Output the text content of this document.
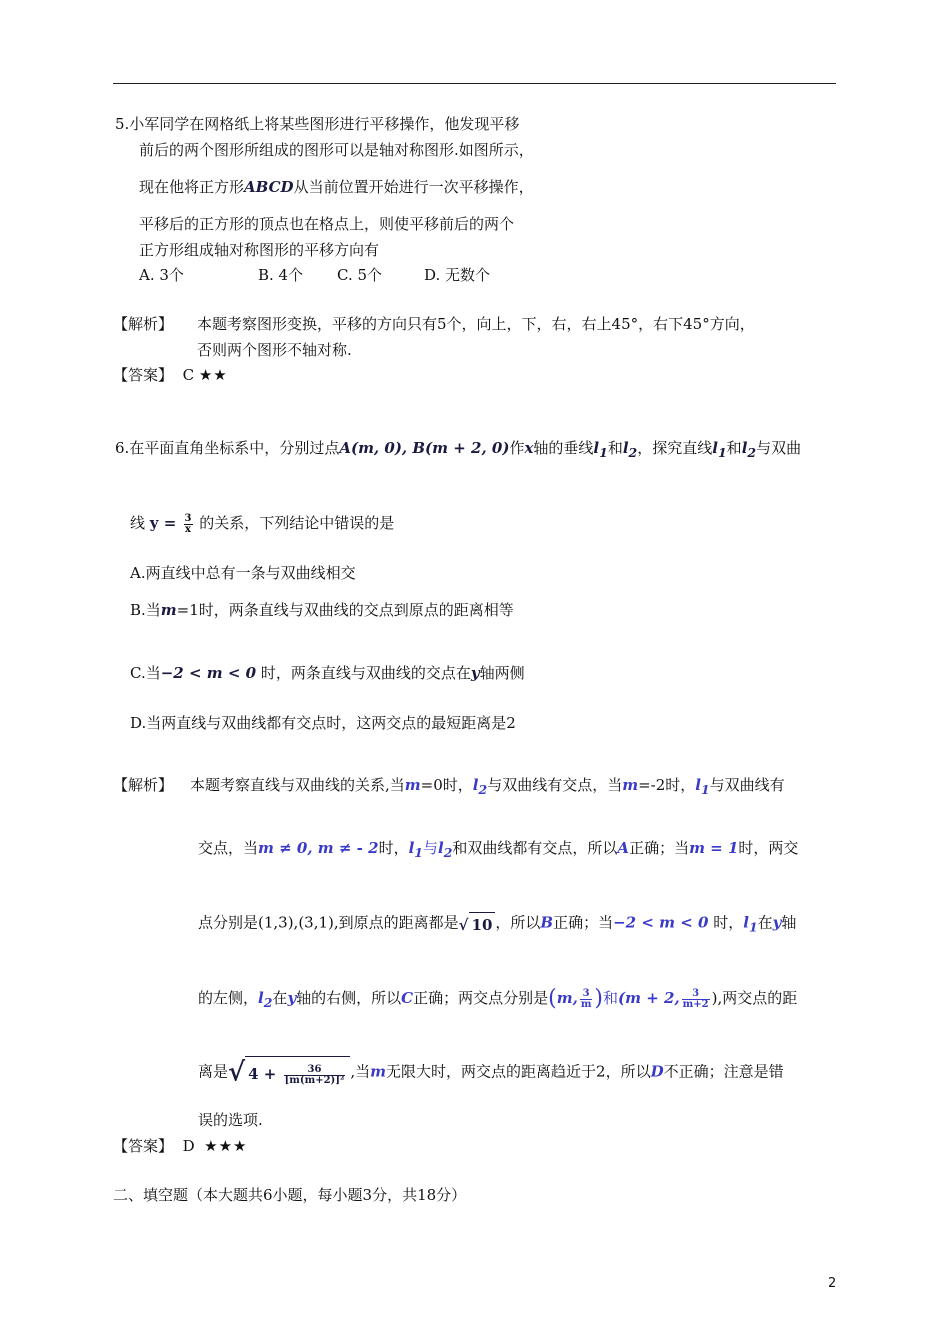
5.小军同学在网格纸上将某些图形进行平移操作，他发现平移
前后的两个图形所组成的图形可以是轴对称图形.如图所示，
现在他将正方形ABCD从当前位置开始进行一次平移操作，
平移后的正方形的顶点也在格点上，则使平移前后的两个
正方形组成轴对称图形的平移方向有
A. 3个	B. 4个 C. 5个	D. 无数个
【解析】 本题考察图形变换，平移的方向只有5个，向上，下，右，右上45°，右下45°方向，
否则两个图形不轴对称.
【答案】 C ★★
6.在平面直角坐标系中，分别过点A(m, 0), B(m + 2, 0)作x轴的垂线$l_1$和$l_2$，探究直线$l_1$和$l_2$与双曲
线 $y = \frac{3}{x}$ 的关系，下列结论中错误的是
A.两直线中总有一条与双曲线相交
B.当m=1时，两条直线与双曲线的交点到原点的距离相等
C.当−2 < m < 0 时，两条直线与双曲线的交点在y轴两侧
D.当两直线与双曲线都有交点时，这两交点的最短距离是2
【解析】 本题考察直线与双曲线的关系,当m=0时，$l_2$与双曲线有交点，当m=-2时，$l_1$与双曲线有
交点，当m ≠ 0, m ≠ - 2时，$l_1$与$l_2$和双曲线都有交点，所以A正确；当m = 1时，两交
点分别是(1,3),(3,1),到原点的距离都是√ 10 ，所以B正确；当−2 < m < 0 时，$l_1$在y轴
的左侧，$l_2$在y轴的右侧，所以C正确；两交点分别是(m, $\frac{3}{m}$ )和(m + 2, $\frac{3}{m+2}$ ),两交点的距
离是√ $4 + \frac{36}{\text{[m(m+2)]²}}$ ,当m无限大时，两交点的距离趋近于2，所以D不正确；注意是错
误的选项.
【答案】 D ★★★
二、填空题（本大题共6小题，每小题3分，共18分）
2
